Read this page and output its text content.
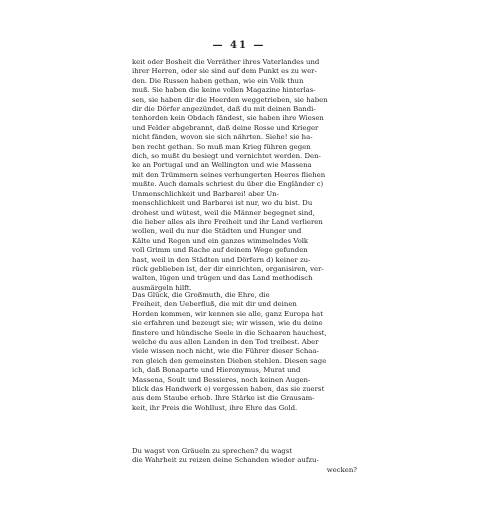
— 41 —
keit oder Bosheit die Verräther ihres Vaterlandes und
ihrer Herren, oder sie sind auf dem Punkt es zu wer-
den. Die Russen haben gethan, wie ein Volk thun
muß. Sie haben die keine vollen Magazine hinterlas-
sen, sie haben dir die Heerden weggetrieben, sie haben
dir die Dörfer angezündet, daß du mit deinen Bandi-
tenhorden kein Obdach fändest, sie haben ihre Wiesen
und Felder abgebrannt, daß deine Rosse und Krieger
nicht fänden, wovon sie sich nährten. Siehe! sie ha-
ben recht gethan. So muß man Krieg führen gegen
dich, so mußt du besiegt und vernichtet werden. Den-
ke an Portugal und an Wellington und wie Massena
mit den Trümmern seines verhungerten Heeres fliehen
mußte. Auch damals schriest du über die Engländer c)
Unmenschlichkeit und Barbarei! aber Un-
menschlichkeit und Barbarei ist nur, wo du bist. Du
drohest und wütest, weil die Männer begegnet sind,
die lieber alles als ihre Freiheit und ihr Land verlieren
wollen, weil du nur die Städten und Hunger und
Kälte und Regen und ein ganzes wimmelndes Volk
voll Grimm und Rache auf deinem Wege gefunden
hast, weil in den Städten und Dörfern d) keiner zu-
rück geblieben ist, der dir einrichten, organisiren, ver-
walten, lügen und trügen und das Land methodisch
ausmärgeln hilft.
Das Glück, die Großmuth, die Ehre, die
Freiheit, den Ueberfluß, die mit dir und deinen
Horden kommen, wir kennen sie alle, ganz Europa hat
sie erfahren und bezeugt sie; wir wissen, wie du deine
finstere und hündische Seele in die Schaaren hauchest,
welche du aus allen Landen in den Tod treibest. Aber
viele wissen noch nicht, wie die Führer dieser Schaa-
ren gleich den gemeinsten Dieben stehlen. Diesen sage
ich, daß Bonaparte und Hieronymus, Murat und
Massena, Soult und Bessieres, noch keinen Augen-
blick das Handwerk e) vergessen haben, das sie zuerst
aus dem Staube erhob. Ihre Stärke ist die Grausam-
keit, ihr Preis die Wohllust, ihre Ehre das Gold.
Du wagst von Gräueln zu sprechen? du wagst
die Wahrheit zu reizen deine Schanden wieder aufzu-
wecken?
